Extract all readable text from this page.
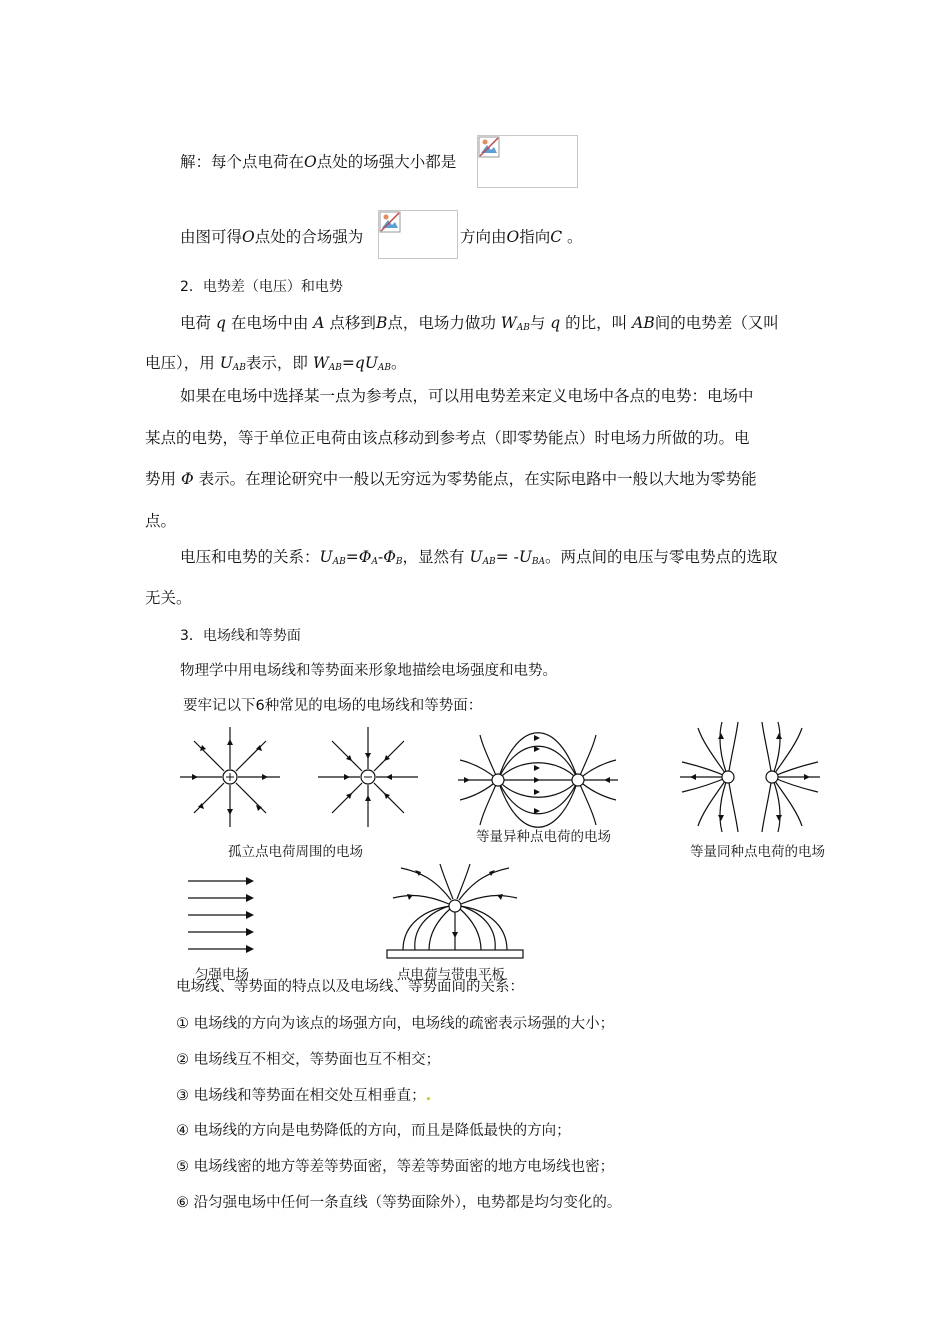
解：每个点电荷在O点处的场强大小都是
由图可得O点处的合场强为	方向由O指向C 。
2．电势差（电压）和电势
电荷 q 在电场中由 A 点移到B点，电场力做功 $W_{AB}$与 q 的比，叫 AB间的电势差（又叫
电压），用 $U_{AB}$表示，即 $W_{AB}=qU_{AB}$。
如果在电场中选择某一点为参考点，可以用电势差来定义电场中各点的电势：电场中
某点的电势，等于单位正电荷由该点移动到参考点（即零势能点）时电场力所做的功。电
势用 Φ 表示。在理论研究中一般以无穷远为零势能点，在实际电路中一般以大地为零势能
点。
电压和电势的关系：$U_{AB}=\Phi_A-\Phi_B$，显然有 $U_{AB}= -U_{BA}$。两点间的电压与零电势点的选取
无关。
3．电场线和等势面
物理学中用电场线和等势面来形象地描绘电场强度和电势。
要牢记以下6种常见的电场的电场线和等势面：
等量异种点电荷的电场
孤立点电荷周围的电场	等量同种点电荷的电场
匀强电场	点电荷与带电平板
电场线、等势面的特点以及电场线、等势面间的关系：
① 电场线的方向为该点的场强方向，电场线的疏密表示场强的大小；
② 电场线互不相交，等势面也互不相交；
③ 电场线和等势面在相交处互相垂直；.
④ 电场线的方向是电势降低的方向，而且是降低最快的方向；
⑤ 电场线密的地方等差等势面密，等差等势面密的地方电场线也密；
⑥ 沿匀强电场中任何一条直线（等势面除外），电势都是均匀变化的。
